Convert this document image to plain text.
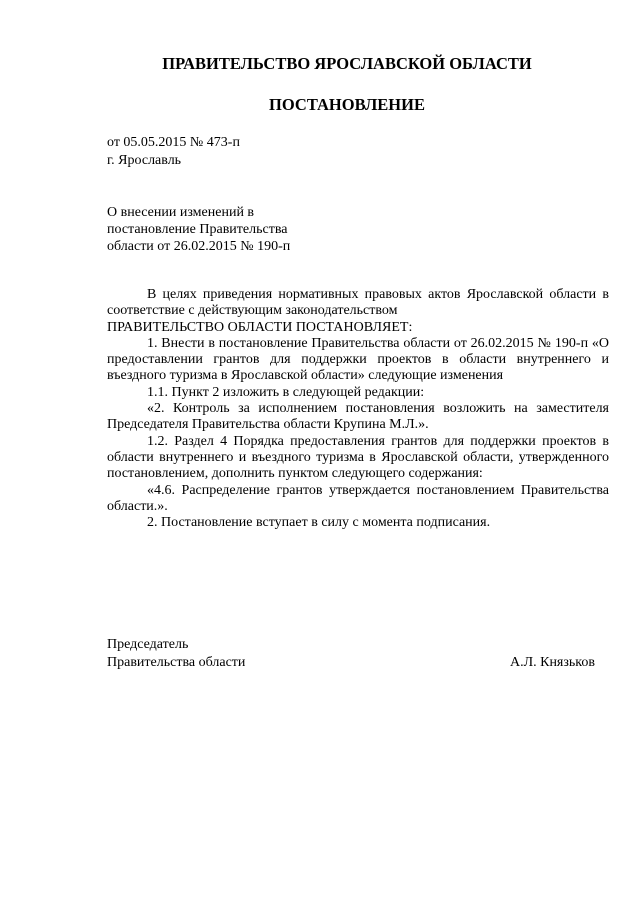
ПРАВИТЕЛЬСТВО ЯРОСЛАВСКОЙ ОБЛАСТИ
ПОСТАНОВЛЕНИЕ
от 05.05.2015 № 473-п
г. Ярославль
О внесении изменений в
постановление Правительства
области от 26.02.2015 № 190-п

В целях приведения нормативных правовых актов Ярославской области в соответствие с действующим законодательством

ПРАВИТЕЛЬСТВО ОБЛАСТИ ПОСТАНОВЛЯЕТ:

1. Внести в постановление Правительства области от 26.02.2015 № 190-п «О предоставлении грантов для поддержки проектов в области внутреннего и въездного туризма в Ярославской области» следующие изменения

1.1. Пункт 2 изложить в следующей редакции:

«2. Контроль за исполнением постановления возложить на заместителя Председателя Правительства области Крупина М.Л.».

1.2. Раздел 4 Порядка предоставления грантов для поддержки проектов в области внутреннего и въездного туризма в Ярославской области, утвержденного постановлением, дополнить пунктом следующего содержания:

«4.6. Распределение грантов утверждается постановлением Правительства области.».

2. Постановление вступает в силу с момента подписания.

Председатель
Правительства области	А.Л. Князьков
